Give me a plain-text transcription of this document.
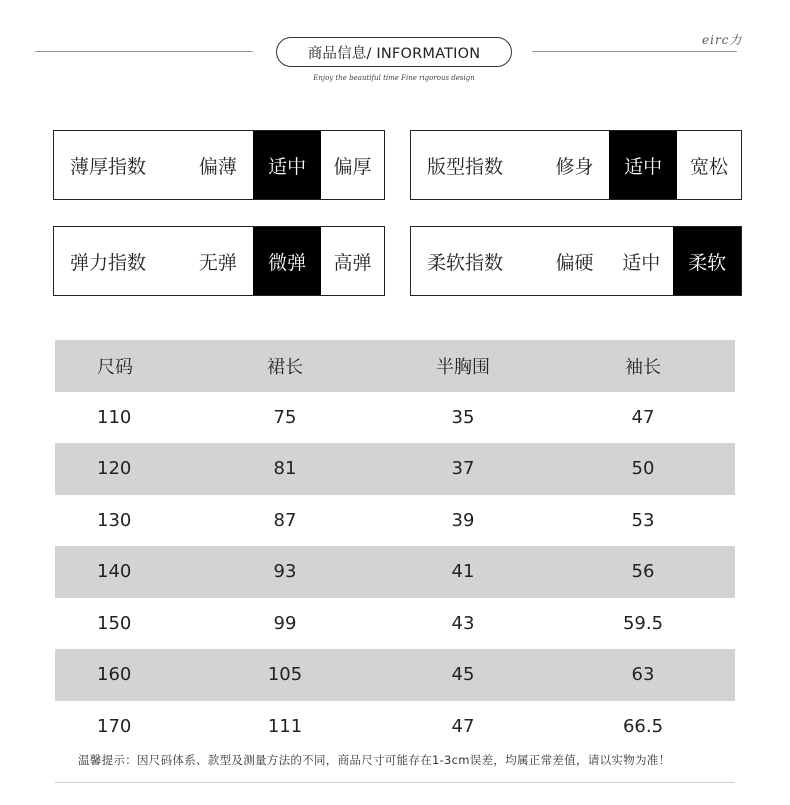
商品信息/ INFORMATION
eirc力
Enjoy the beautiful time Fine rigorous design
薄厚指数	偏薄	适中	偏厚	版型指数	修身	适中	宽松
弹力指数	无弹	微弹	高弹	柔软指数	偏硬	适中	柔软
尺码	裙长	半胸围	袖长
110	75	35	47
120	81	37	50
130	87	39	53
140	93	41	56
150	99	43	59.5
160	105	45	63
170	111	47	66.5
温馨提示：因尺码体系、款型及测量方法的不同，商品尺寸可能存在1-3cm误差，均属正常差值，请以实物为准！
